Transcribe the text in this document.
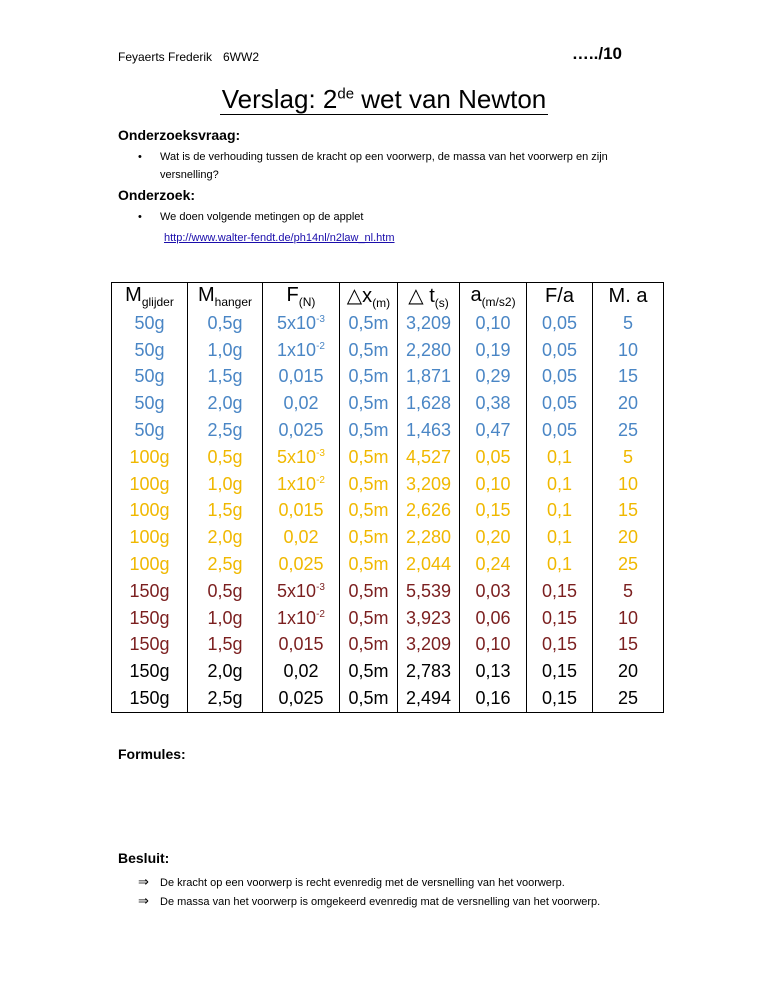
Feyaerts Frederik 6WW2	…../10
Verslag: 2de wet van Newton
Onderzoeksvraag:
• Wat is de verhouding tussen de kracht op een voorwerp, de massa van het voorwerp en zijn
versnelling?
Onderzoek:
• We doen volgende metingen op de applet
http://www.walter-fendt.de/ph14nl/n2law_nl.htm
$M_{glijder}$	$M_{hanger}$	$F_{(N)}$	$\triangle x_{(m)}$	△ $t_{(s)}$	$a_{(m/s2)}$	F/a	M. a
50g	0,5g	$5x10^{-3}$	0,5m	3,209	0,10	0,05	5
50g	1,0g	$1x10^{-2}$	0,5m	2,280	0,19	0,05	10
50g	1,5g	0,015	0,5m	1,871	0,29	0,05	15
50g	2,0g	0,02	0,5m	1,628	0,38	0,05	20
50g	2,5g	0,025	0,5m	1,463	0,47	0,05	25
100g	0,5g	$5x10^{-3}$	0,5m	4,527	0,05	0,1	5
100g	1,0g	$1x10^{-2}$	0,5m	3,209	0,10	0,1	10
100g	1,5g	0,015	0,5m	2,626	0,15	0,1	15
100g	2,0g	0,02	0,5m	2,280	0,20	0,1	20
100g	2,5g	0,025	0,5m	2,044	0,24	0,1	25
150g	0,5g	$5x10^{-3}$	0,5m	5,539	0,03	0,15	5
150g	1,0g	$1x10^{-2}$	0,5m	3,923	0,06	0,15	10
150g	1,5g	0,015	0,5m	3,209	0,10	0,15	15
150g	2,0g	0,02	0,5m	2,783	0,13	0,15	20
150g	2,5g	0,025	0,5m	2,494	0,16	0,15	25
Formules:
Besluit:
⇒ De kracht op een voorwerp is recht evenredig met de versnelling van het voorwerp.
⇒ De massa van het voorwerp is omgekeerd evenredig mat de versnelling van het voorwerp.
